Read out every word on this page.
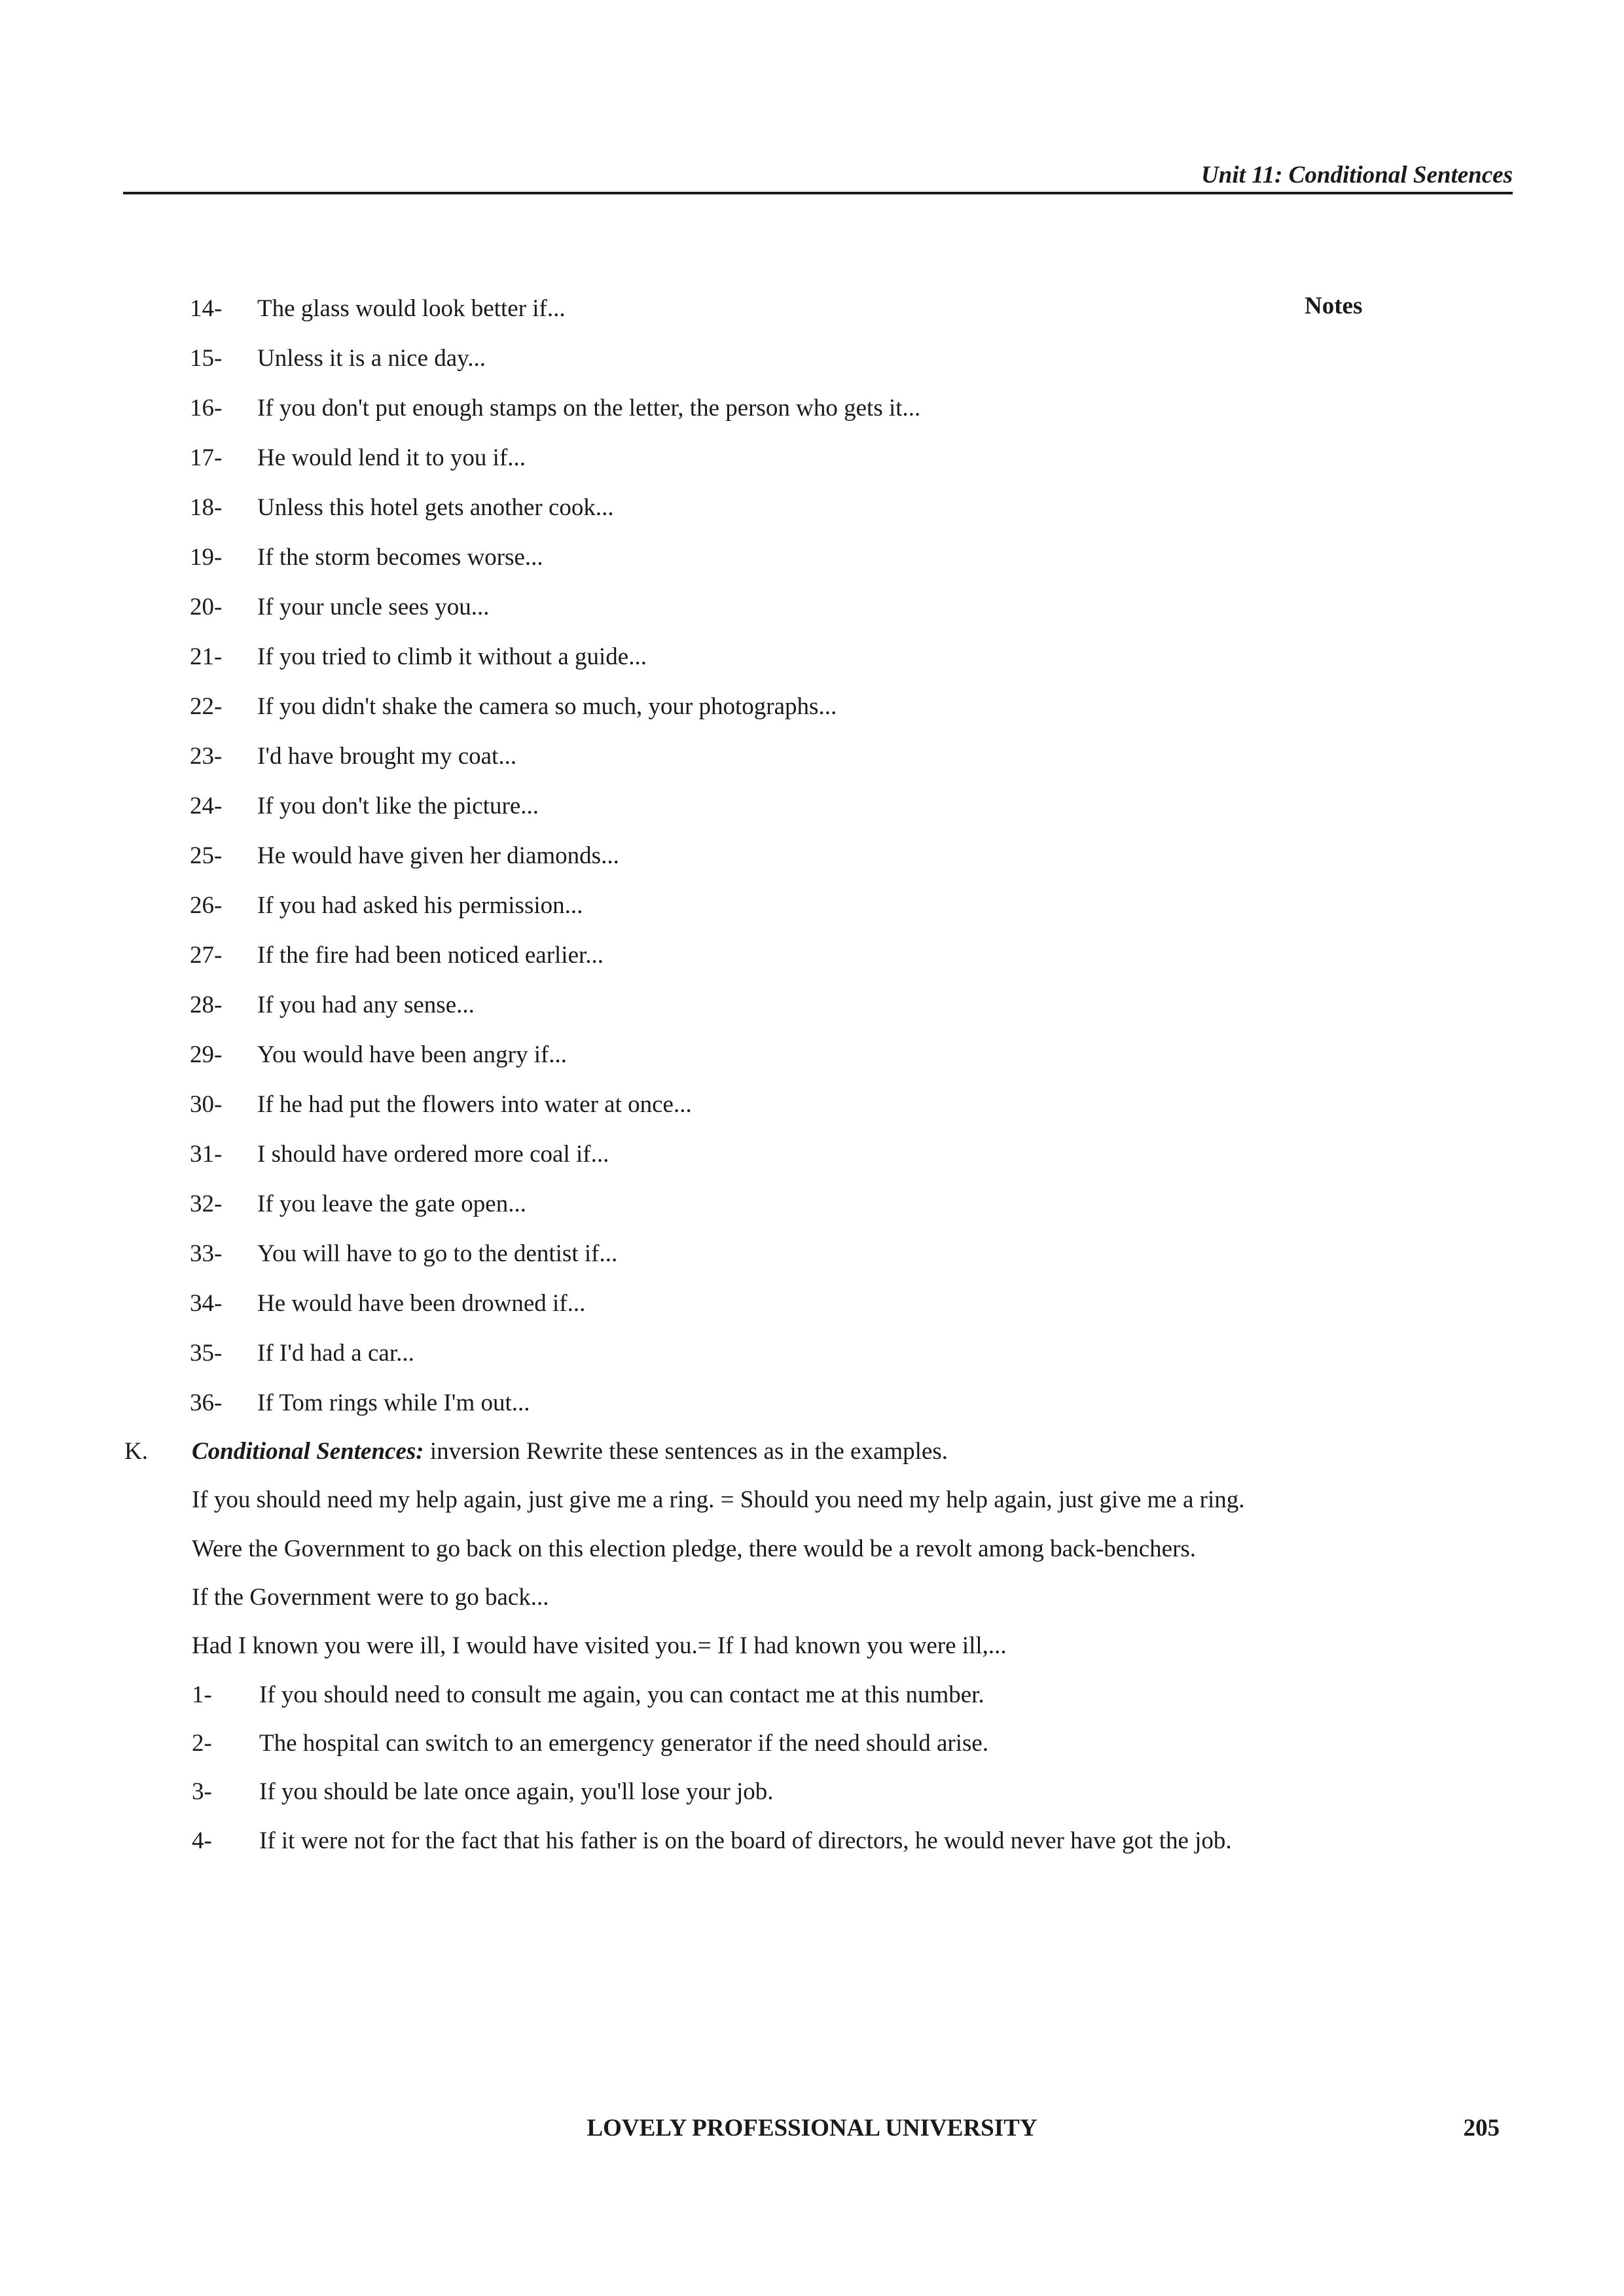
Unit 11: Conditional Sentences
Notes
14-	The glass would look better if...
15-	Unless it is a nice day...
16-	If you don't put enough stamps on the letter, the person who gets it...
17-	He would lend it to you if...
18-	Unless this hotel gets another cook...
19-	If the storm becomes worse...
20-	If your uncle sees you...
21-	If you tried to climb it without a guide...
22-	If you didn't shake the camera so much, your photographs...
23-	I'd have brought my coat...
24-	If you don't like the picture...
25-	He would have given her diamonds...
26-	If you had asked his permission...
27-	If the fire had been noticed earlier...
28-	If you had any sense...
29-	You would have been angry if...
30-	If he had put the flowers into water at once...
31-	I should have ordered more coal if...
32-	If you leave the gate open...
33-	You will have to go to the dentist if...
34-	He would have been drowned if...
35-	If I'd had a car...
36-	If Tom rings while I'm out...
K.	Conditional Sentences: inversion Rewrite these sentences as in the examples.
If you should need my help again, just give me a ring. = Should you need my help again, just give me a ring.
Were the Government to go back on this election pledge, there would be a revolt among back-benchers.
If the Government were to go back...
Had I known you were ill, I would have visited you.= If I had known you were ill,...
1-	If you should need to consult me again, you can contact me at this number.
2-	The hospital can switch to an emergency generator if the need should arise.
3-	If you should be late once again, you'll lose your job.
4-	If it were not for the fact that his father is on the board of directors, he would never have got the job.
LOVELY PROFESSIONAL UNIVERSITY	205
